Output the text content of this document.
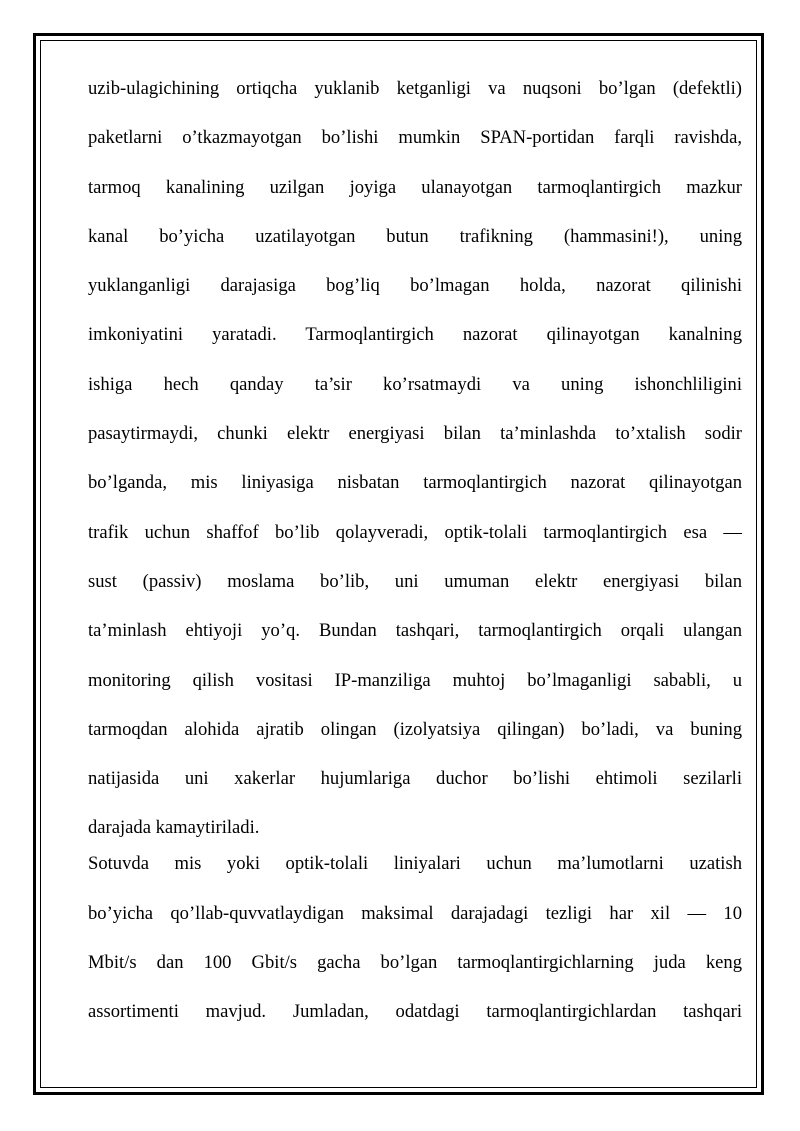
uzib-ulagichining ortiqcha yuklanib ketganligi va nuqsoni bo’lgan (defektli)
paketlarni o’tkazmayotgan bo’lishi mumkin SPAN-portidan farqli ravishda,
tarmoq kanalining uzilgan joyiga ulanayotgan tarmoqlantirgich mazkur
kanal bo’yicha uzatilayotgan butun trafikning (hammasini!), uning
yuklanganligi darajasiga bog’liq bo’lmagan holda, nazorat qilinishi
imkoniyatini yaratadi. Tarmoqlantirgich nazorat qilinayotgan kanalning
ishiga hech qanday ta’sir ko’rsatmaydi va uning ishonchliligini
pasaytirmaydi, chunki elektr energiyasi bilan ta’minlashda to’xtalish sodir
bo’lganda, mis liniyasiga nisbatan tarmoqlantirgich nazorat qilinayotgan
trafik uchun shaffof bo’lib qolayveradi, optik-tolali tarmoqlantirgich esa —
sust (passiv) moslama bo’lib, uni umuman elektr energiyasi bilan
ta’minlash ehtiyoji yo’q. Bundan tashqari, tarmoqlantirgich orqali ulangan
monitoring qilish vositasi IP-manziliga muhtoj bo’lmaganligi sababli, u
tarmoqdan alohida ajratib olingan (izolyatsiya qilingan) bo’ladi, va buning
natijasida uni xakerlar hujumlariga duchor bo’lishi ehtimoli sezilarli
darajada kamaytiriladi.
Sotuvda mis yoki optik-tolali liniyalari uchun ma’lumotlarni uzatish
bo’yicha qo’llab-quvvatlaydigan maksimal darajadagi tezligi har xil — 10
Mbit/s dan 100 Gbit/s gacha bo’lgan tarmoqlantirgichlarning juda keng
assortimenti mavjud. Jumladan, odatdagi tarmoqlantirgichlardan tashqari
